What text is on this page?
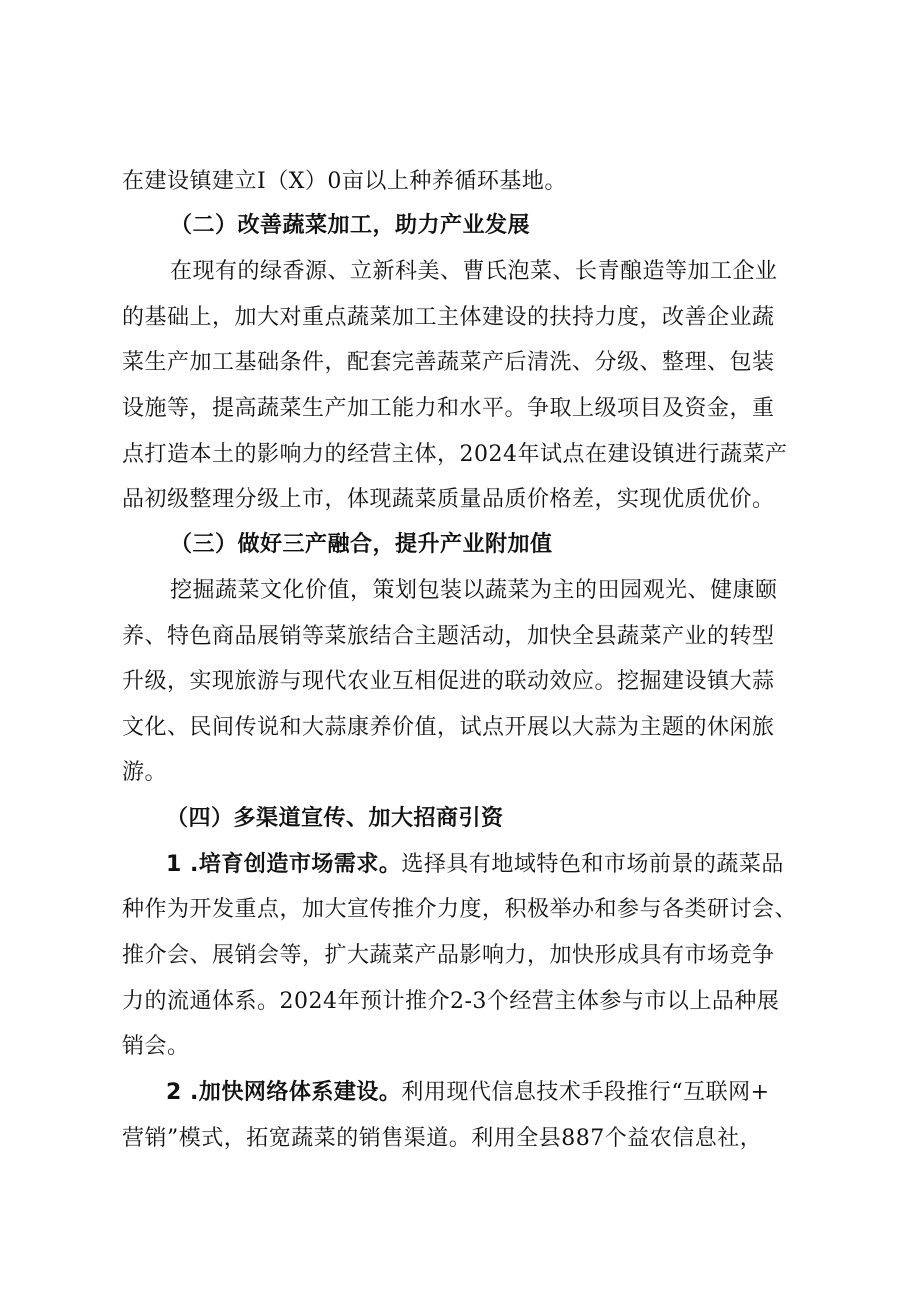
在建设镇建立I（X）0亩以上种养循环基地。
（二）改善蔬菜加工，助力产业发展
在现有的绿香源、立新科美、曹氏泡菜、长青酿造等加工企业
的基础上，加大对重点蔬菜加工主体建设的扶持力度，改善企业蔬
菜生产加工基础条件，配套完善蔬菜产后清洗、分级、整理、包装
设施等，提高蔬菜生产加工能力和水平。争取上级项目及资金，重
点打造本土的影响力的经营主体，2024年试点在建设镇进行蔬菜产
品初级整理分级上市，体现蔬菜质量品质价格差，实现优质优价。
（三）做好三产融合，提升产业附加值
挖掘蔬菜文化价值，策划包装以蔬菜为主的田园观光、健康颐
养、特色商品展销等菜旅结合主题活动，加快全县蔬菜产业的转型
升级，实现旅游与现代农业互相促进的联动效应。挖掘建设镇大蒜
文化、民间传说和大蒜康养价值，试点开展以大蒜为主题的休闲旅
游。
（四）多渠道宣传、加大招商引资
1 .培育创造市场需求。选择具有地域特色和市场前景的蔬菜品
种作为开发重点，加大宣传推介力度，积极举办和参与各类研讨会、
推介会、展销会等，扩大蔬菜产品影响力，加快形成具有市场竞争
力的流通体系。2024年预计推介2-3个经营主体参与市以上品种展
销会。
2 .加快网络体系建设。利用现代信息技术手段推行“互联网+
营销”模式，拓宽蔬菜的销售渠道。利用全县887个益农信息社，
